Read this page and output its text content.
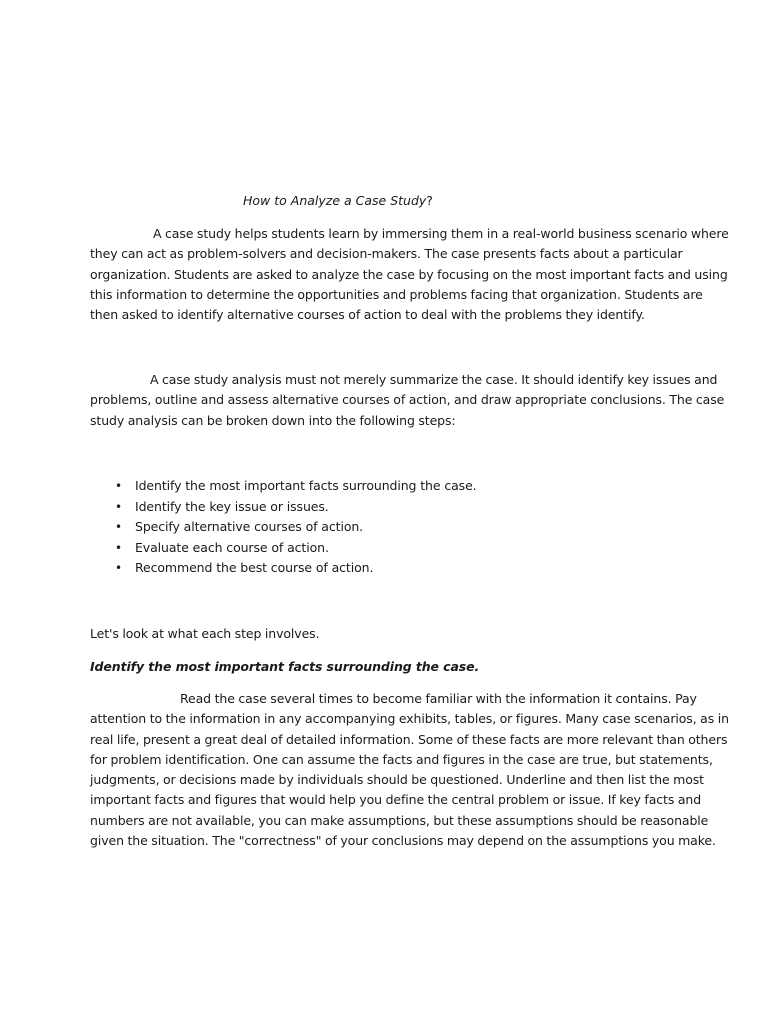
How to Analyze a Case Study?

A case study helps students learn by immersing them in a real-world business scenario where
they can act as problem-solvers and decision-makers. The case presents facts about a particular
organization. Students are asked to analyze the case by focusing on the most important facts and using
this information to determine the opportunities and problems facing that organization. Students are
then asked to identify alternative courses of action to deal with the problems they identify.

A case study analysis must not merely summarize the case. It should identify key issues and
problems, outline and assess alternative courses of action, and draw appropriate conclusions. The case
study analysis can be broken down into the following steps:

• Identify the most important facts surrounding the case.
• Identify the key issue or issues.
• Specify alternative courses of action.
• Evaluate each course of action.
• Recommend the best course of action.

Let's look at what each step involves.

Identify the most important facts surrounding the case.

Read the case several times to become familiar with the information it contains. Pay
attention to the information in any accompanying exhibits, tables, or figures. Many case scenarios, as in
real life, present a great deal of detailed information. Some of these facts are more relevant than others
for problem identification. One can assume the facts and figures in the case are true, but statements,
judgments, or decisions made by individuals should be questioned. Underline and then list the most
important facts and figures that would help you define the central problem or issue. If key facts and
numbers are not available, you can make assumptions, but these assumptions should be reasonable
given the situation. The "correctness" of your conclusions may depend on the assumptions you make.
